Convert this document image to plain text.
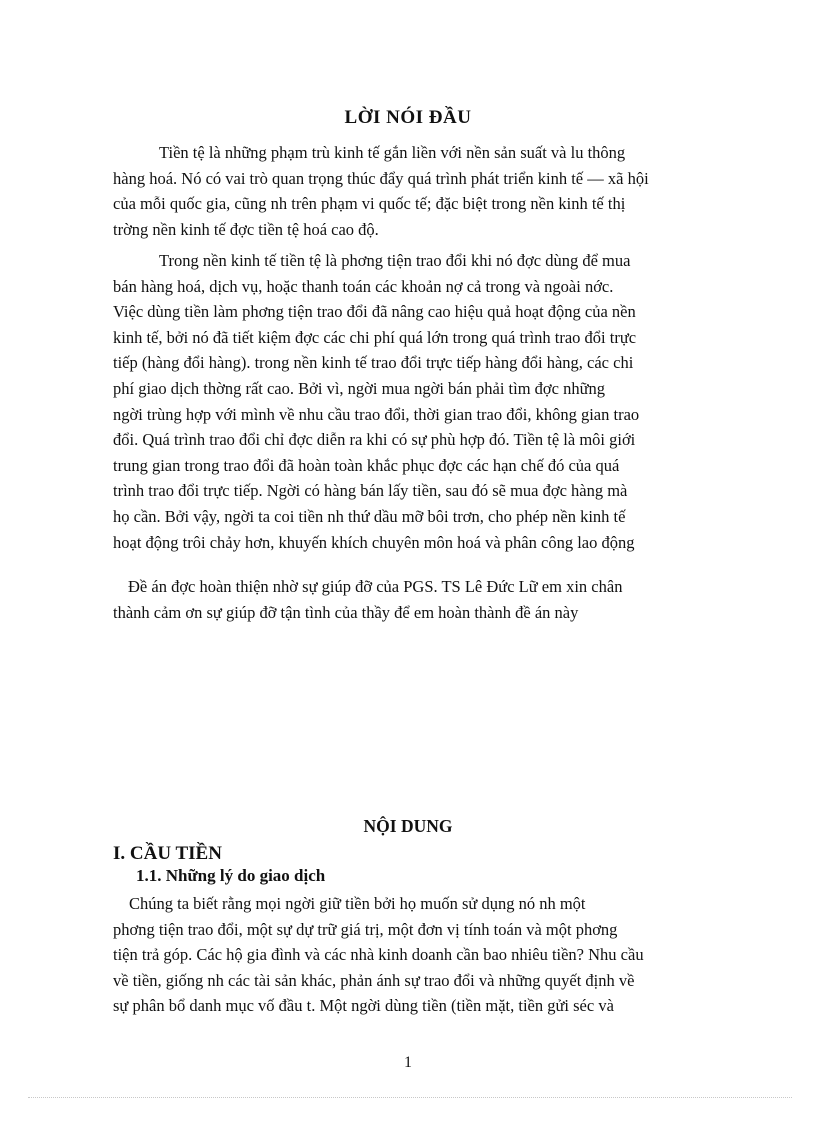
LỜI NÓI ĐẦU

Tiền tệ là những phạm trù kinh tế gắn liền với nền sản suất và lu thông
hàng hoá. Nó có vai trò quan trọng thúc đẩy quá trình phát triển kinh tế — xã hội
của mỗi quốc gia, cũng nh trên phạm vi quốc tế; đặc biệt trong nền kinh tế thị
trờng nền kinh tế đợc tiền tệ hoá cao độ.

Trong nền kinh tế tiền tệ là phơng tiện trao đổi khi nó đợc dùng để mua
bán hàng hoá, dịch vụ, hoặc thanh toán các khoản nợ cả trong và ngoài nớc.
Việc dùng tiền làm phơng tiện trao đổi đã nâng cao hiệu quả hoạt động của nền
kinh tế, bởi nó đã tiết kiệm đợc các chi phí quá lớn trong quá trình trao đổi trực
tiếp (hàng đổi hàng). trong nền kinh tế trao đổi trực tiếp hàng đổi hàng, các chi
phí giao dịch thờng rất cao. Bởi vì, ngời mua ngời bán phải tìm đợc những
ngời trùng hợp với mình về nhu cầu trao đổi, thời gian trao đổi, không gian trao
đổi. Quá trình trao đổi chỉ đợc diễn ra khi có sự phù hợp đó. Tiền tệ là môi giới
trung gian trong trao đổi đã hoàn toàn khắc phục đợc các hạn chế đó của quá
trình trao đổi trực tiếp. Ngời có hàng bán lấy tiền, sau đó sẽ mua đợc hàng mà
họ cần. Bởi vậy, ngời ta coi tiền nh thứ dầu mỡ bôi trơn, cho phép nền kinh tế
hoạt động trôi chảy hơn, khuyến khích chuyên môn hoá và phân công lao động

Đề án đợc hoàn thiện nhờ sự giúp đỡ của PGS. TS Lê Đức Lữ em xin chân
thành cảm ơn sự giúp đỡ tận tình của thầy để em hoàn thành đề án này

NỘI DUNG
I. CẦU TIỀN
1.1. Những lý do giao dịch

Chúng ta biết rằng mọi ngời giữ tiền bởi họ muốn sử dụng nó nh một
phơng tiện trao đổi, một sự dự trữ giá trị, một đơn vị tính toán và một phơng
tiện trả góp. Các hộ gia đình và các nhà kinh doanh cần bao nhiêu tiền? Nhu cầu
về tiền, giống nh các tài sản khác, phản ánh sự trao đổi và những quyết định về
sự phân bổ danh mục vố đầu t. Một ngời dùng tiền (tiền mặt, tiền gửi séc và

1
